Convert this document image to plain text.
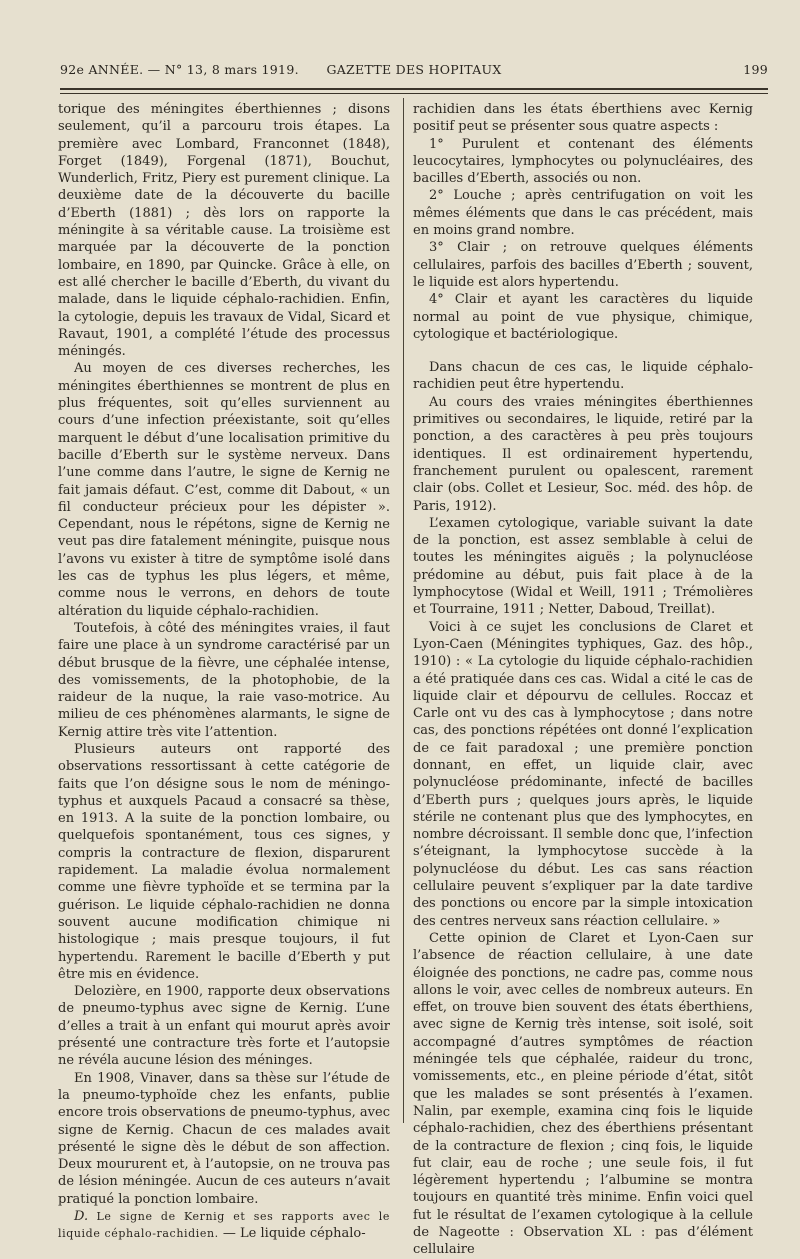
92e ANNÉE. — N° 13, 8 mars 1919.	GAZETTE DES HOPITAUX	199

torique des méningites éberthiennes ; disons seulement, qu’il a parcouru trois étapes. La première avec Lombard, Franconnet (1848), Forget (1849), Forgenal (1871), Bouchut, Wunderlich, Fritz, Piery est purement clinique. La deuxième date de la découverte du bacille d’Eberth (1881) ; dès lors on rapporte la méningite à sa véritable cause. La troisième est marquée par la découverte de la ponction lombaire, en 1890, par Quincke. Grâce à elle, on est allé chercher le bacille d’Eberth, du vivant du malade, dans le liquide céphalo-rachidien. Enfin, la cytologie, depuis les travaux de Vidal, Sicard et Ravaut, 1901, a complété l’étude des processus méningés.

Au moyen de ces diverses recherches, les méningites éberthiennes se montrent de plus en plus fréquentes, soit qu’elles surviennent au cours d’une infection préexistante, soit qu’elles marquent le début d’une localisation primitive du bacille d’Eberth sur le système nerveux. Dans l’une comme dans l’autre, le signe de Kernig ne fait jamais défaut. C’est, comme dit Dabout, « un fil conducteur précieux pour les dépister ». Cependant, nous le répétons, signe de Kernig ne veut pas dire fatalement méningite, puisque nous l’avons vu exister à titre de symptôme isolé dans les cas de typhus les plus légers, et même, comme nous le verrons, en dehors de toute altération du liquide céphalo-rachidien.

Toutefois, à côté des méningites vraies, il faut faire une place à un syndrome caractérisé par un début brusque de la fièvre, une céphalée intense, des vomissements, de la photophobie, de la raideur de la nuque, la raie vaso-motrice. Au milieu de ces phénomènes alarmants, le signe de Kernig attire très vite l’attention.

Plusieurs auteurs ont rapporté des observations ressortissant à cette catégorie de faits que l’on désigne sous le nom de méningo-typhus et auxquels Pacaud a consacré sa thèse, en 1913. A la suite de la ponction lombaire, ou quelquefois spontanément, tous ces signes, y compris la contracture de flexion, disparurent rapidement. La maladie évolua normalement comme une fièvre typhoïde et se termina par la guérison. Le liquide céphalo-rachidien ne donna souvent aucune modification chimique ni histologique ; mais presque toujours, il fut hypertendu. Rarement le bacille d’Eberth y put être mis en évidence.

Delozière, en 1900, rapporte deux observations de pneumo-typhus avec signe de Kernig. L’une d’elles a trait à un enfant qui mourut après avoir présenté une contracture très forte et l’autopsie ne révéla aucune lésion des méninges.

En 1908, Vinaver, dans sa thèse sur l’étude de la pneumo-typhoïde chez les enfants, publie encore trois observations de pneumo-typhus, avec signe de Kernig. Chacun de ces malades avait présenté le signe dès le début de son affection. Deux moururent et, à l’autopsie, on ne trouva pas de lésion méningée. Aucun de ces auteurs n’avait pratiqué la ponction lombaire.

D. Le signe de Kernig et ses rapports avec le liquide céphalo-rachidien. — Le liquide céphalo-

rachidien dans les états éberthiens avec Kernig positif peut se présenter sous quatre aspects :

1° Purulent et contenant des éléments leucocytaires, lymphocytes ou polynucléaires, des bacilles d’Eberth, associés ou non.

2° Louche ; après centrifugation on voit les mêmes éléments que dans le cas précédent, mais en moins grand nombre.

3° Clair ; on retrouve quelques éléments cellulaires, parfois des bacilles d’Eberth ; souvent, le liquide est alors hypertendu.

4° Clair et ayant les caractères du liquide normal au point de vue physique, chimique, cytologique et bactériologique.

Dans chacun de ces cas, le liquide céphalo-rachidien peut être hypertendu.

Au cours des vraies méningites éberthiennes primitives ou secondaires, le liquide, retiré par la ponction, a des caractères à peu près toujours identiques. Il est ordinairement hypertendu, franchement purulent ou opalescent, rarement clair (obs. Collet et Lesieur, Soc. méd. des hôp. de Paris, 1912).

L’examen cytologique, variable suivant la date de la ponction, est assez semblable à celui de toutes les méningites aiguës ; la polynucléose prédomine au début, puis fait place à de la lymphocytose (Widal et Weill, 1911 ; Trémolières et Tourraine, 1911 ; Netter, Daboud, Treillat).

Voici à ce sujet les conclusions de Claret et Lyon-Caen (Méningites typhiques, Gaz. des hôp., 1910) : « La cytologie du liquide céphalo-rachidien a été pratiquée dans ces cas. Widal a cité le cas de liquide clair et dépourvu de cellules. Roccaz et Carle ont vu des cas à lymphocytose ; dans notre cas, des ponctions répétées ont donné l’explication de ce fait paradoxal ; une première ponction donnant, en effet, un liquide clair, avec polynucléose prédominante, infecté de bacilles d’Eberth purs ; quelques jours après, le liquide stérile ne contenant plus que des lymphocytes, en nombre décroissant. Il semble donc que, l’infection s’éteignant, la lymphocytose succède à la polynucléose du début. Les cas sans réaction cellulaire peuvent s’expliquer par la date tardive des ponctions ou encore par la simple intoxication des centres nerveux sans réaction cellulaire. »

Cette opinion de Claret et Lyon-Caen sur l’absence de réaction cellulaire, à une date éloignée des ponctions, ne cadre pas, comme nous allons le voir, avec celles de nombreux auteurs. En effet, on trouve bien souvent des états éberthiens, avec signe de Kernig très intense, soit isolé, soit accompagné d’autres symptômes de réaction méningée tels que céphalée, raideur du tronc, vomissements, etc., en pleine période d’état, sitôt que les malades se sont présentés à l’examen. Nalin, par exemple, examina cinq fois le liquide céphalo-rachidien, chez des éberthiens présentant de la contracture de flexion ; cinq fois, le liquide fut clair, eau de roche ; une seule fois, il fut légèrement hypertendu ; l’albumine se montra toujours en quantité très minime. Enfin voici quel fut le résultat de l’examen cytologique à la cellule de Nageotte : Observation XL : pas d’élément cellulaire
